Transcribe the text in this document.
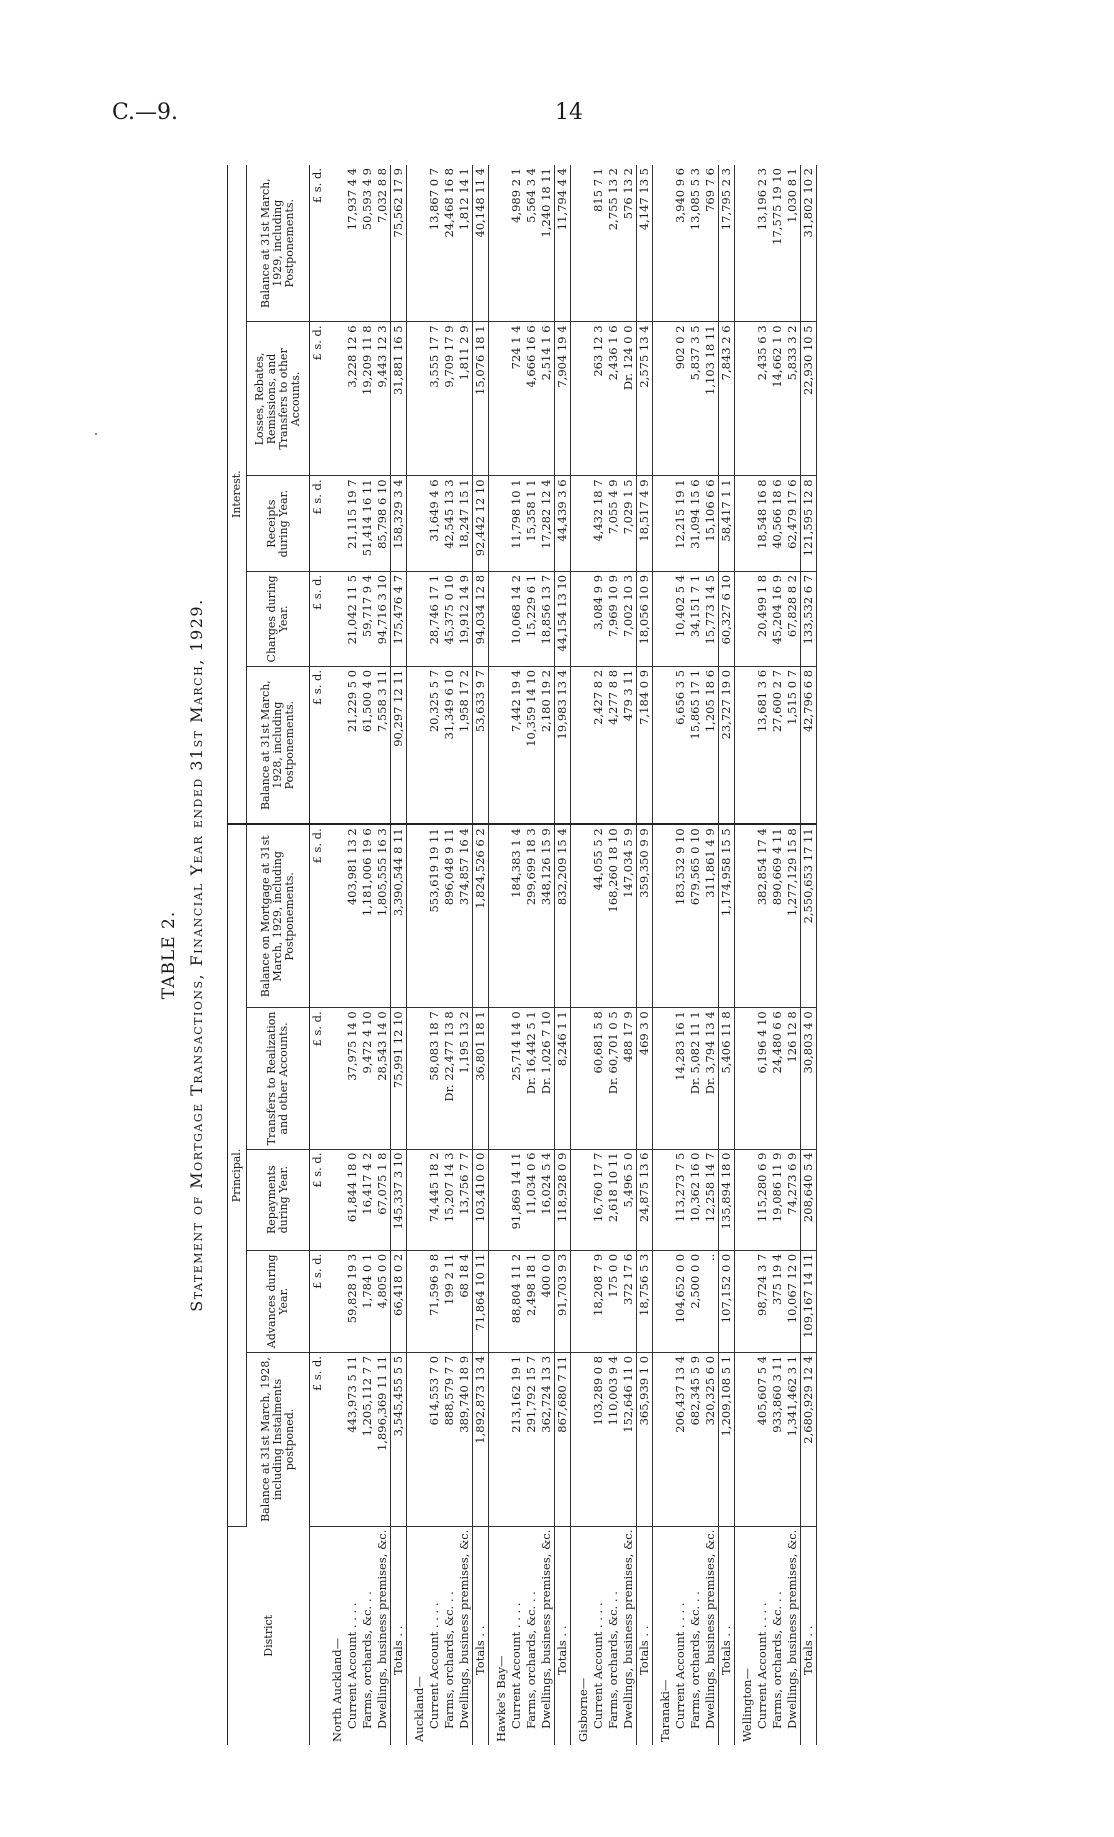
C.—9.	14
TABLE 2. Statement of Mortgage Transactions, Financial Year ended 31st March, 1929.
District	Principal.					Interest.				
	Balance at 31st March, 1928, including Instalments postponed.	Advances during Year.	Repayments during Year.	Transfers to Realization and other Accounts.	Balance on Mortgage at 31st March, 1929, including Postponements.	Balance at 31st March, 1928, including Postponements.	Charges during Year.	Receipts during Year.	Losses, Rebates, Remissions, and Transfers to other Accounts.	Balance at 31st March, 1929, including Postponements.
	£ s. d.	£ s. d.	£ s. d.	£ s. d.	£ s. d.	£ s. d.	£ s. d.	£ s. d.	£ s. d.	£ s. d.
North Auckland—										
Current Account . . . .	443,973 5 11	59,828 19 3	61,844 18 0	37,975 14 0	403,981 13 2	21,229 5 0	21,042 11 5	21,115 19 7	3,228 12 6	17,937 4 4
Farms, orchards, &c. . .	1,205,112 7 7	1,784 0 1	16,417 4 2	9,472 4 10	1,181,006 19 6	61,500 4 0	59,717 9 4	51,414 16 11	19,209 11 8	50,593 4 9
Dwellings, business premises, &c.	1,896,369 11 11	4,805 0 0	67,075 1 8	28,543 14 0	1,805,555 16 3	7,558 3 11	94,716 3 10	85,798 6 10	9,443 12 3	7,032 8 8
Totals . .	3,545,455 5 5	66,418 0 2	145,337 3 10	75,991 12 10	3,390,544 8 11	90,297 12 11	175,476 4 7	158,329 3 4	31,881 16 5	75,562 17 9
Auckland—										
Current Account . . . .	614,553 7 0	71,596 9 8	74,445 18 2	58,083 18 7	553,619 19 11	20,325 5 7	28,746 17 1	31,649 4 6	3,555 17 7	13,867 0 7
Farms, orchards, &c. . .	888,579 7 7	199 2 11	15,207 14 3	Dr. 22,477 13 8	896,048 9 11	31,349 6 10	45,375 0 10	42,545 13 3	9,709 17 9	24,468 16 8
Dwellings, business premises, &c.	389,740 18 9	68 18 4	13,756 7 7	1,195 13 2	374,857 16 4	1,958 17 2	19,912 14 9	18,247 15 1	1,811 2 9	1,812 14 1
Totals . .	1,892,873 13 4	71,864 10 11	103,410 0 0	36,801 18 1	1,824,526 6 2	53,633 9 7	94,034 12 8	92,442 12 10	15,076 18 1	40,148 11 4
Hawke's Bay—										
Current Account . . . .	213,162 19 1	88,804 11 2	91,869 14 11	25,714 14 0	184,383 1 4	7,442 19 4	10,068 14 2	11,798 10 1	724 1 4	4,989 2 1
Farms, orchards, &c. . .	291,792 15 7	2,498 18 1	11,034 0 6	Dr. 16,442 5 1	299,699 18 3	10,359 14 10	15,229 6 1	15,358 1 1	4,666 16 6	5,564 3 4
Dwellings, business premises, &c.	362,724 13 3	400 0 0	16,024 5 4	Dr. 1,026 7 10	348,126 15 9	2,180 19 2	18,856 13 7	17,282 12 4	2,514 1 6	1,240 18 11
Totals . .	867,680 7 11	91,703 9 3	118,928 0 9	8,246 1 1	832,209 15 4	19,983 13 4	44,154 13 10	44,439 3 6	7,904 19 4	11,794 4 4
Gisborne—										
Current Account . . . .	103,289 0 8	18,208 7 9	16,760 17 7	60,681 5 8	44,055 5 2	2,427 8 2	3,084 9 9	4,432 18 7	263 12 3	815 7 1
Farms, orchards, &c. . .	110,003 9 4	175 0 0	2,618 10 11	Dr. 60,701 0 5	168,260 18 10	4,277 8 8	7,969 10 9	7,055 4 9	2,436 1 6	2,755 13 2
Dwellings, business premises, &c.	152,646 11 0	372 17 6	5,496 5 0	488 17 9	147,034 5 9	479 3 11	7,002 10 3	7,029 1 5	Dr. 124 0 0	576 13 2
Totals . .	365,939 1 0	18,756 5 3	24,875 13 6	469 3 0	359,350 9 9	7,184 0 9	18,056 10 9	18,517 4 9	2,575 13 4	4,147 13 5
Taranaki—										
Current Account . . . .	206,437 13 4	104,652 0 0	113,273 7 5	14,283 16 1	183,532 9 10	6,656 3 5	10,402 5 4	12,215 19 1	902 0 2	3,940 9 6
Farms, orchards, &c. . .	682,345 5 9	2,500 0 0	10,362 16 0	Dr. 5,082 11 1	679,565 0 10	15,865 17 1	34,151 7 1	31,094 15 6	5,837 3 5	13,085 5 3
Dwellings, business premises, &c.	320,325 6 0	..	12,258 14 7	Dr. 3,794 13 4	311,861 4 9	1,205 18 6	15,773 14 5	15,106 6 6	1,103 18 11	769 7 6
Totals . .	1,209,108 5 1	107,152 0 0	135,894 18 0	5,406 11 8	1,174,958 15 5	23,727 19 0	60,327 6 10	58,417 1 1	7,843 2 6	17,795 2 3
Wellington—										
Current Account . . . .	405,607 5 4	98,724 3 7	115,280 6 9	6,196 4 10	382,854 17 4	13,681 3 6	20,499 1 8	18,548 16 8	2,435 6 3	13,196 2 3
Farms, orchards, &c. . .	933,860 3 11	375 19 4	19,086 11 9	24,480 6 6	890,669 4 11	27,600 2 7	45,204 16 9	40,566 18 6	14,662 1 0	17,575 19 10
Dwellings, business premises, &c.	1,341,462 3 1	10,067 12 0	74,273 6 9	126 12 8	1,277,129 15 8	1,515 0 7	67,828 8 2	62,479 17 6	5,833 3 2	1,030 8 1
Totals . .	2,680,929 12 4	109,167 14 11	208,640 5 4	30,803 4 0	2,550,653 17 11	42,796 6 8	133,532 6 7	121,595 12 8	22,930 10 5	31,802 10 2
